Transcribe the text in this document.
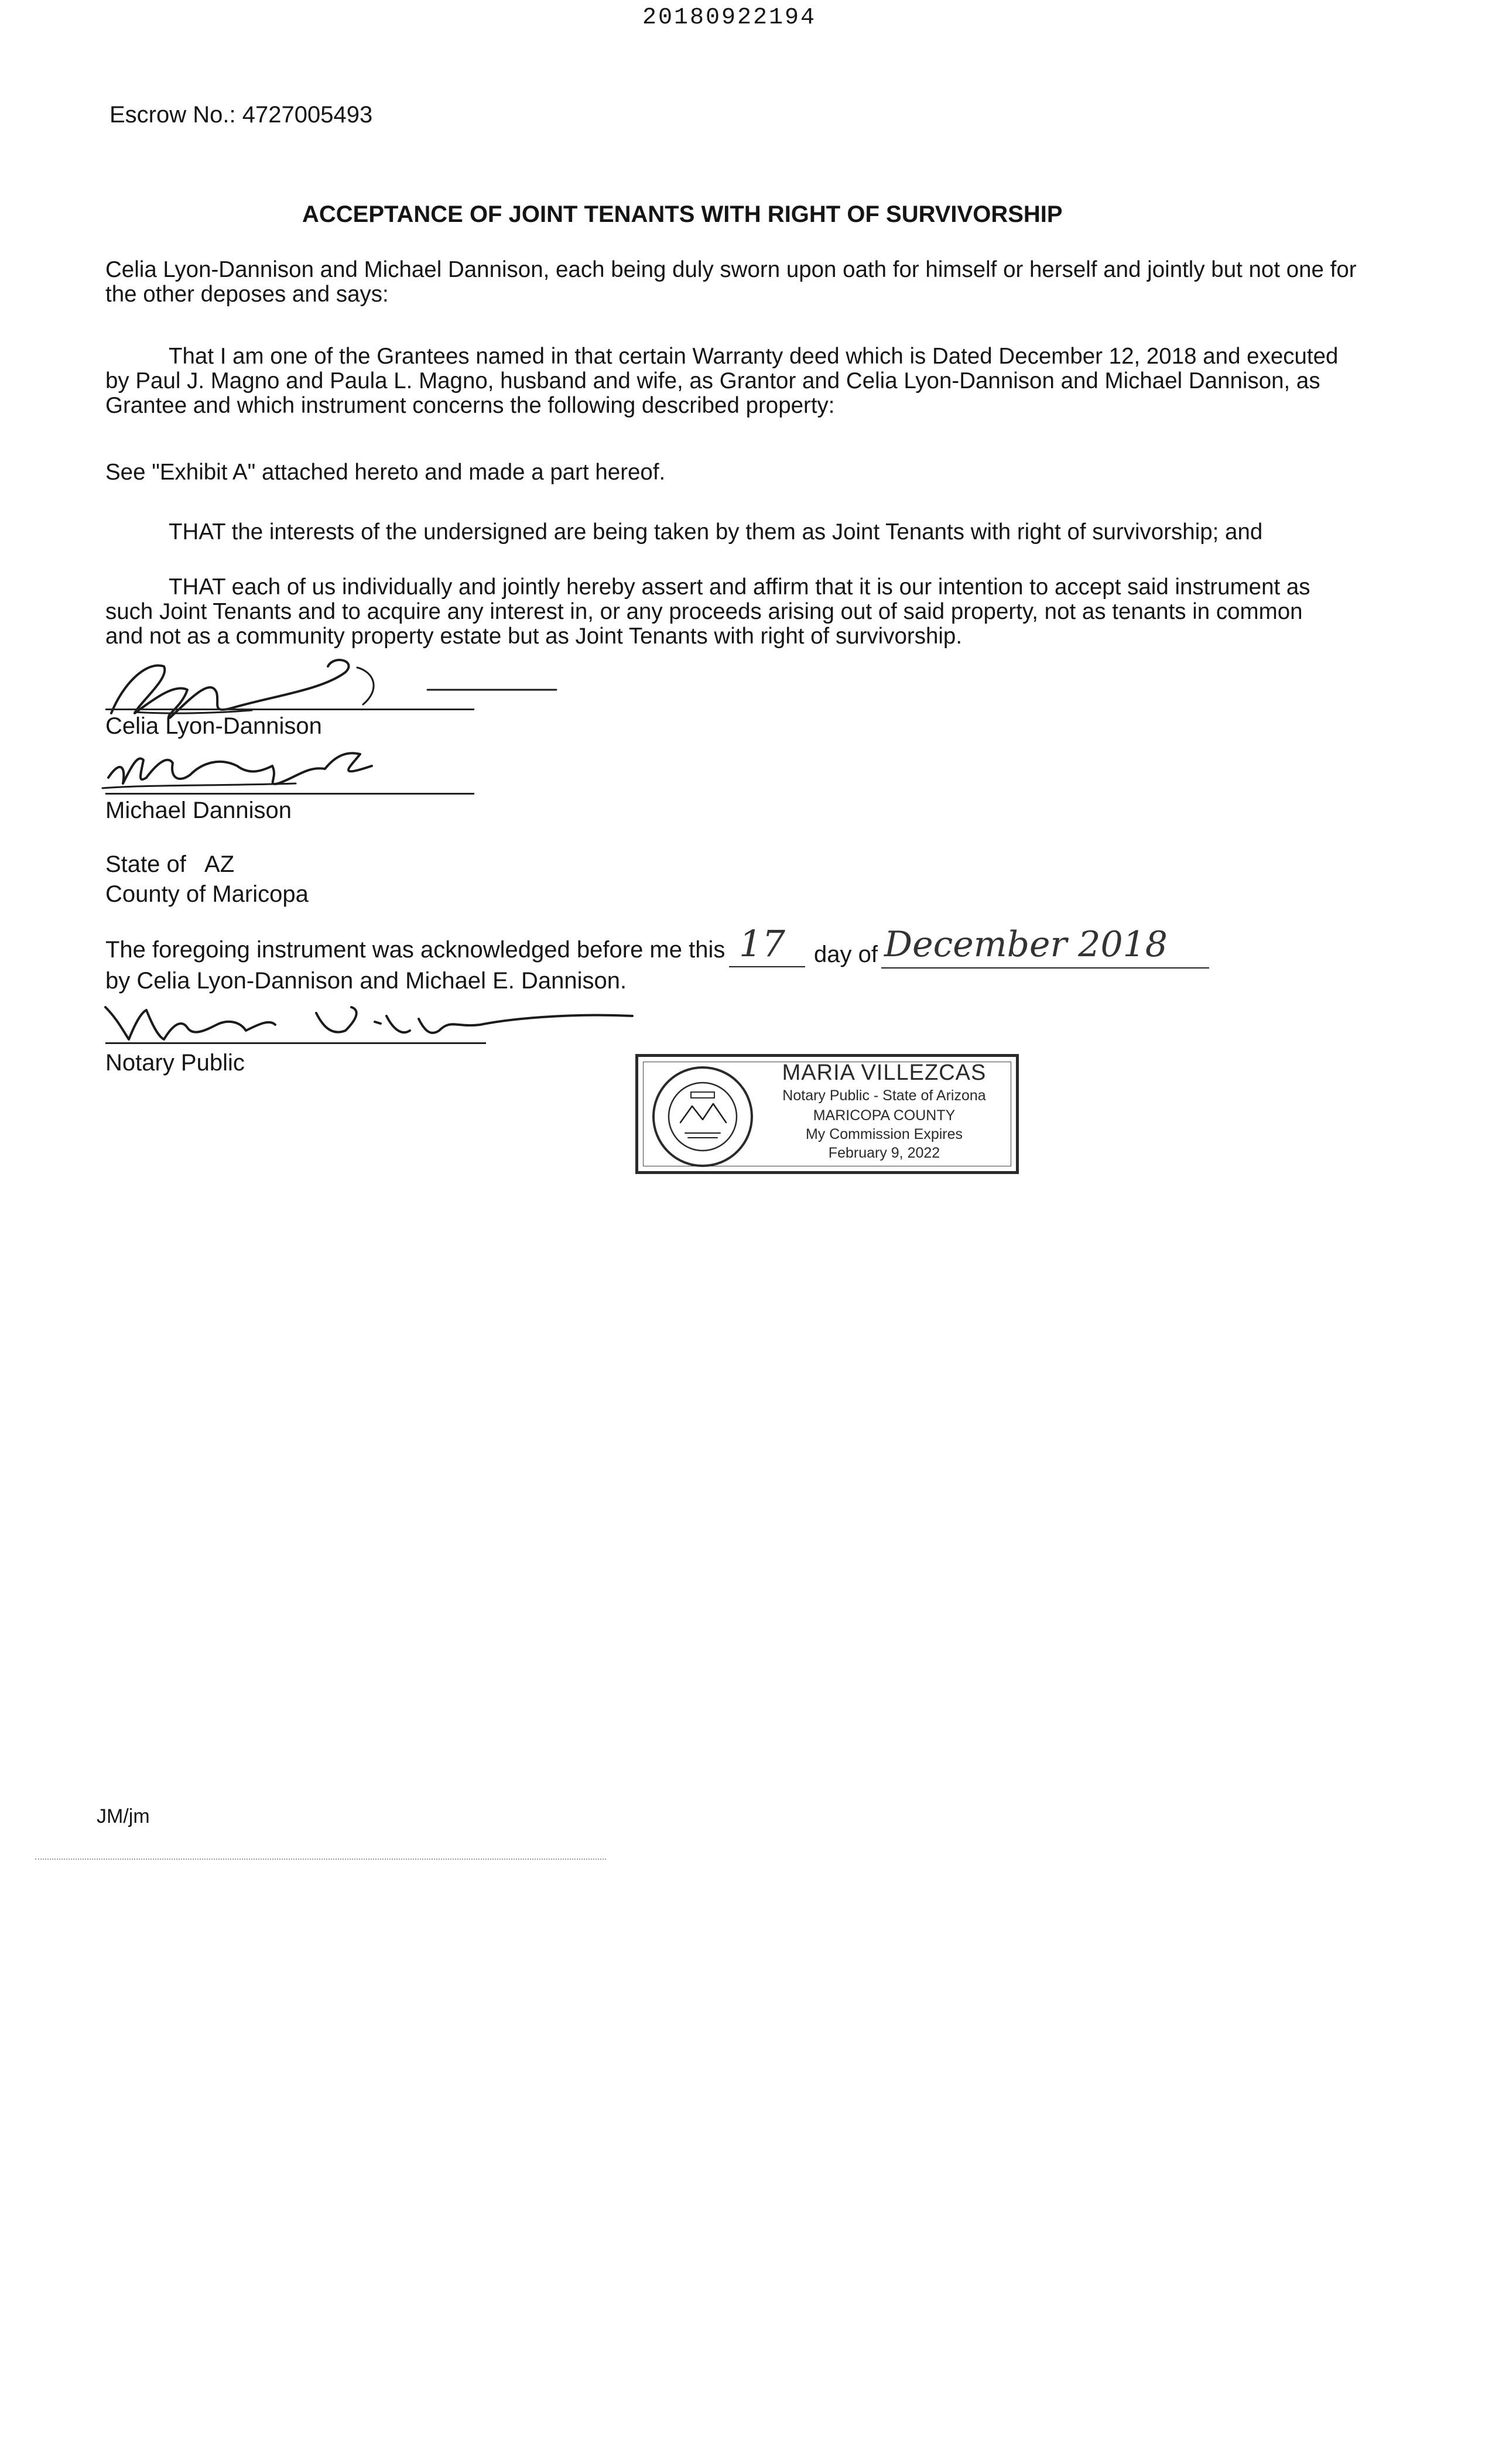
20180922194
Escrow No.: 4727005493
ACCEPTANCE OF JOINT TENANTS WITH RIGHT OF SURVIVORSHIP
Celia Lyon-Dannison and Michael Dannison, each being duly sworn upon oath for himself or herself and jointly but not one for the other deposes and says:
That I am one of the Grantees named in that certain Warranty deed which is Dated December 12, 2018 and executed by Paul J. Magno and Paula L. Magno, husband and wife, as Grantor and Celia Lyon-Dannison and Michael Dannison, as Grantee and which instrument concerns the following described property:
See "Exhibit A" attached hereto and made a part hereof.
THAT the interests of the undersigned are being taken by them as Joint Tenants with right of survivorship; and
THAT each of us individually and jointly hereby assert and affirm that it is our intention to accept said instrument as such Joint Tenants and to acquire any interest in, or any proceeds arising out of said property, not as tenants in common and not as a community property estate but as Joint Tenants with right of survivorship.
Celia Lyon-Dannison
Michael Dannison
State of AZ
County of Maricopa
The foregoing instrument was acknowledged before me this 17 day of December 2018
by Celia Lyon-Dannison and Michael E. Dannison.
Notary Public	MARIA VILLEZCAS
Notary Public - State of Arizona
MARICOPA COUNTY
My Commission Expires
February 9, 2022
JM/jm
